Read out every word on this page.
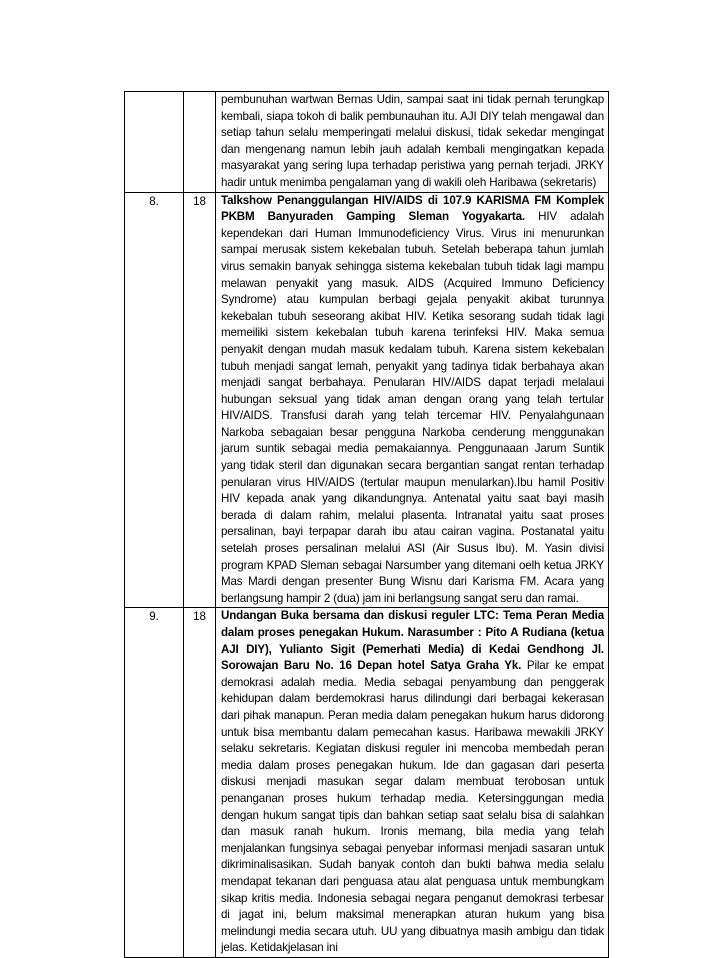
		pembunuhan wartwan Bernas Udin, sampai saat ini tidak pernah terungkap kembali, siapa tokoh di balik pembunauhan itu. AJI DIY telah mengawal dan setiap tahun selalu memperingati melalui diskusi, tidak sekedar mengingat dan mengenang namun lebih jauh adalah kembali mengingatkan kepada masyarakat yang sering lupa terhadap peristiwa yang pernah terjadi. JRKY hadir untuk menimba pengalaman yang di wakili oleh Haribawa (sekretaris)
8.	18	Talkshow Penanggulangan HIV/AIDS di 107.9 KARISMA FM Komplek PKBM Banyuraden Gamping Sleman Yogyakarta. HIV adalah kependekan dari Human Immunodeficiency Virus. Virus ini menurunkan sampai merusak sistem kekebalan tubuh. Setelah beberapa tahun jumlah virus semakin banyak sehingga sistema kekebalan tubuh tidak lagi mampu melawan penyakit yang masuk. AIDS (Acquired Immuno Deficiency Syndrome) atau kumpulan berbagi gejala penyakit akibat turunnya kekebalan tubuh seseorang akibat HIV. Ketika sesorang sudah tidak lagi memeiliki sistem kekebalan tubuh karena terinfeksi HIV. Maka semua penyakit dengan mudah masuk kedalam tubuh. Karena sistem kekebalan tubuh menjadi sangat lemah, penyakit yang tadinya tidak berbahaya akan menjadi sangat berbahaya. Penularan HIV/AIDS dapat terjadi melalaui hubungan seksual yang tidak aman dengan orang yang telah tertular HIV/AIDS. Transfusi darah yang telah tercemar HIV. Penyalahgunaan Narkoba sebagaian besar pengguna Narkoba cenderung menggunakan jarum suntik sebagai media pemakaiannya. Penggunaaan Jarum Suntik yang tidak steril dan digunakan secara bergantian sangat rentan terhadap penularan virus HIV/AIDS (tertular maupun menularkan).Ibu hamil Positiv HIV kepada anak yang dikandungnya. Antenatal yaitu saat bayi masih berada di dalam rahim, melalui plasenta. Intranatal yaitu saat proses persalinan, bayi terpapar darah ibu atau cairan vagina. Postanatal yaitu setelah proses persalinan melalui ASI (Air Susus Ibu). M. Yasin divisi program KPAD Sleman sebagai Narsumber yang ditemani oelh ketua JRKY Mas Mardi dengan presenter Bung Wisnu dari Karisma FM. Acara yang berlangsung hampir 2 (dua) jam ini berlangsung sangat seru dan ramai.
9.	18	Undangan Buka bersama dan diskusi reguler LTC: Tema Peran Media dalam proses penegakan Hukum. Narasumber : Pito A Rudiana (ketua AJI DIY), Yulianto Sigit (Pemerhati Media) di Kedai Gendhong Jl. Sorowajan Baru No. 16 Depan hotel Satya Graha Yk. Pilar ke empat demokrasi adalah media. Media sebagai penyambung dan penggerak kehidupan dalam berdemokrasi harus dilindungi dari berbagai kekerasan dari pihak manapun. Peran media dalam penegakan hukum harus didorong untuk bisa membantu dalam pemecahan kasus. Haribawa mewakili JRKY selaku sekretaris. Kegiatan diskusi reguler ini mencoba membedah peran media dalam proses penegakan hukum. Ide dan gagasan dari peserta diskusi menjadi masukan segar dalam membuat terobosan untuk penanganan proses hukum terhadap media. Ketersinggungan media dengan hukum sangat tipis dan bahkan setiap saat selalu bisa di salahkan dan masuk ranah hukum. Ironis memang, bila media yang telah menjalankan fungsinya sebagai penyebar informasi menjadi sasaran untuk dikriminalisasikan. Sudah banyak contoh dan bukti bahwa media selalu mendapat tekanan dari penguasa atau alat penguasa untuk membungkam sikap kritis media. Indonesia sebagai negara penganut demokrasi terbesar di jagat ini, belum maksimal menerapkan aturan hukum yang bisa melindungi media secara utuh. UU yang dibuatnya masih ambigu dan tidak jelas. Ketidakjelasan ini
